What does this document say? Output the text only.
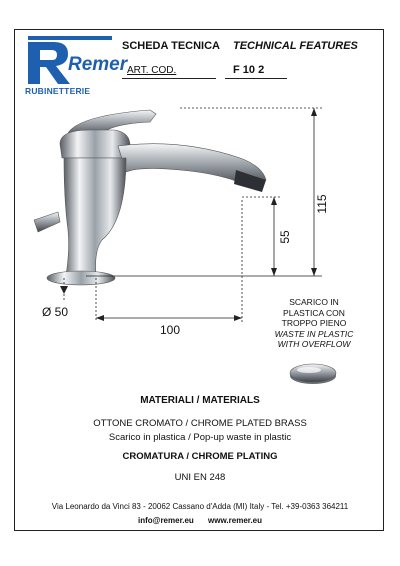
Remer
RUBINETTERIE
SCHEDA TECNICA TECHNICAL FEATURES
ART. COD.	F 10 2
115
55
Ø 50
100
SCARICO IN
PLASTICA CON
TROPPO PIENO
WASTE IN PLASTIC
WITH OVERFLOW
MATERIALI / MATERIALS
OTTONE CROMATO / CHROME PLATED BRASS
Scarico in plastica / Pop-up waste in plastic
CROMATURA / CHROME PLATING
UNI EN 248
Via Leonardo da Vinci 83 - 20062 Cassano d'Adda (MI) Italy - Tel. +39-0363 364211
info@remer.eu www.remer.eu
